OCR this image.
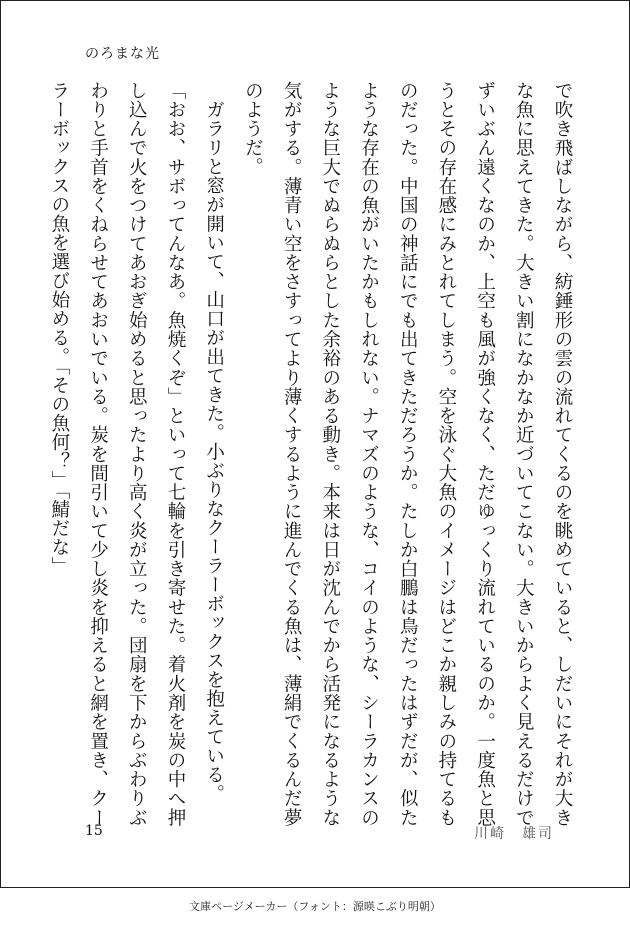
のろまな光

で吹き飛ばしながら、紡錘形の雲の流れてくるのを眺めていると、しだいにそれが大きな魚に思えてきた。大きい割になかなか近づいてこない。大きいからよく見えるだけでずいぶん遠くなのか、上空も風が強くなく、ただゆっくり流れているのか。一度魚と思うとその存在感にみとれてしまう。空を泳ぐ大魚のイメージはどこか親しみの持てるものだった。中国の神話にでも出てきただろうか。たしか白鵬は鳥だったはずだが、似たような存在の魚がいたかもしれない。ナマズのような、コイのような、シーラカンスのような巨大でぬらぬらとした余裕のある動き。本来は日が沈んでから活発になるような気がする。薄青い空をさすってより薄くするように進んでくる魚は、薄絹でくるんだ夢のようだ。

　ガラリと窓が開いて、山口が出てきた。小ぶりなクーラーボックスを抱えている。

「おお、サボってんなあ。魚焼くぞ」といって七輪を引き寄せた。着火剤を炭の中へ押し込んで火をつけてあおぎ始めると思ったより高く炎が立った。団扇を下からぶわりぶわりと手首をくねらせてあおいでいる。炭を間引いて少し炎を抑えると網を置き、クーラーボックスの魚を選び始める。「その魚何？」「鯖だな」

15	川崎　雄司
文庫ページメーカー（フォント：源暎こぶり明朝）
